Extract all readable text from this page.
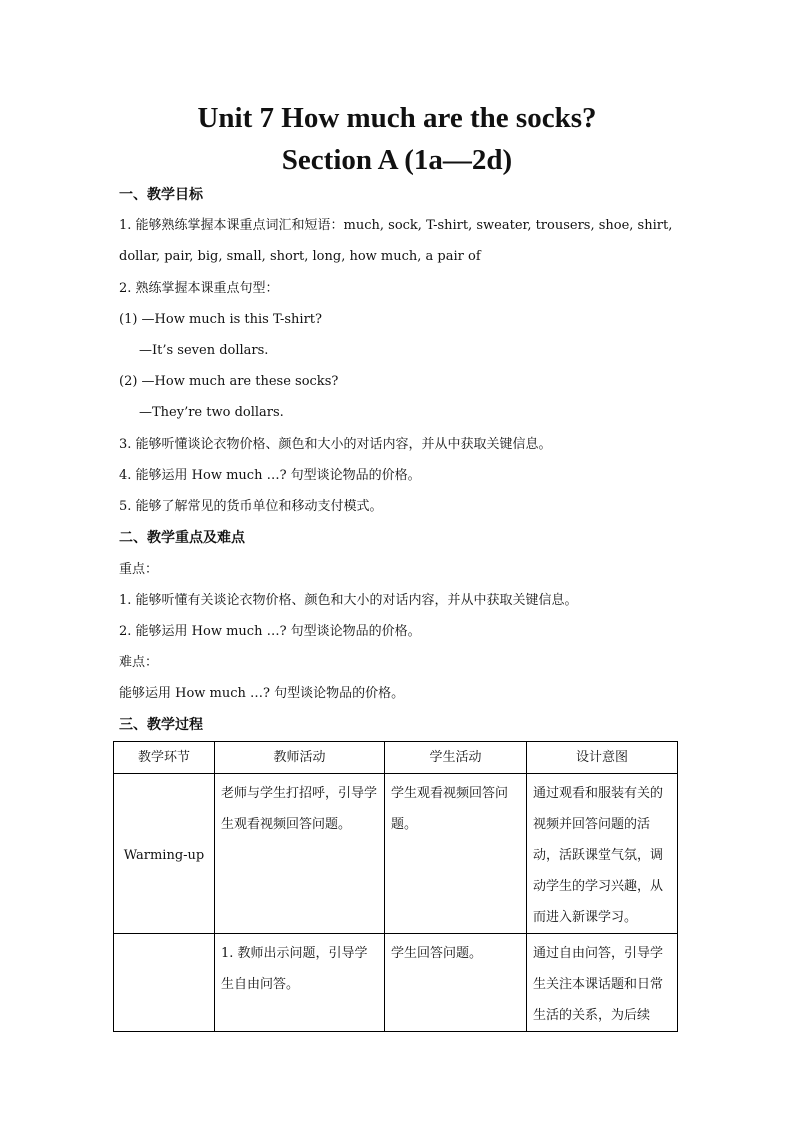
Unit 7 How much are the socks?
Section A (1a—2d)

一、教学目标

1. 能够熟练掌握本课重点词汇和短语：much, sock, T-shirt, sweater, trousers, shoe, shirt,

dollar, pair, big, small, short, long, how much, a pair of

2. 熟练掌握本课重点句型：

(1) —How much is this T-shirt?

—It’s seven dollars.

(2) —How much are these socks?

—They’re two dollars.

3. 能够听懂谈论衣物价格、颜色和大小的对话内容，并从中获取关键信息。

4. 能够运用 How much …? 句型谈论物品的价格。

5. 能够了解常见的货币单位和移动支付模式。

二、教学重点及难点

重点：

1. 能够听懂有关谈论衣物价格、颜色和大小的对话内容，并从中获取关键信息。

2. 能够运用 How much …? 句型谈论物品的价格。

难点：

能够运用 How much …? 句型谈论物品的价格。

三、教学过程

教学环节	教师活动	学生活动	设计意图
Warming-up	老师与学生打招呼，引导学生观看视频回答问题。	学生观看视频回答问题。	通过观看和服装有关的视频并回答问题的活动，活跃课堂气氛，调动学生的学习兴趣，从而进入新课学习。
	1. 教师出示问题，引导学生自由问答。	学生回答问题。	通过自由问答，引导学生关注本课话题和日常生活的关系，为后续
